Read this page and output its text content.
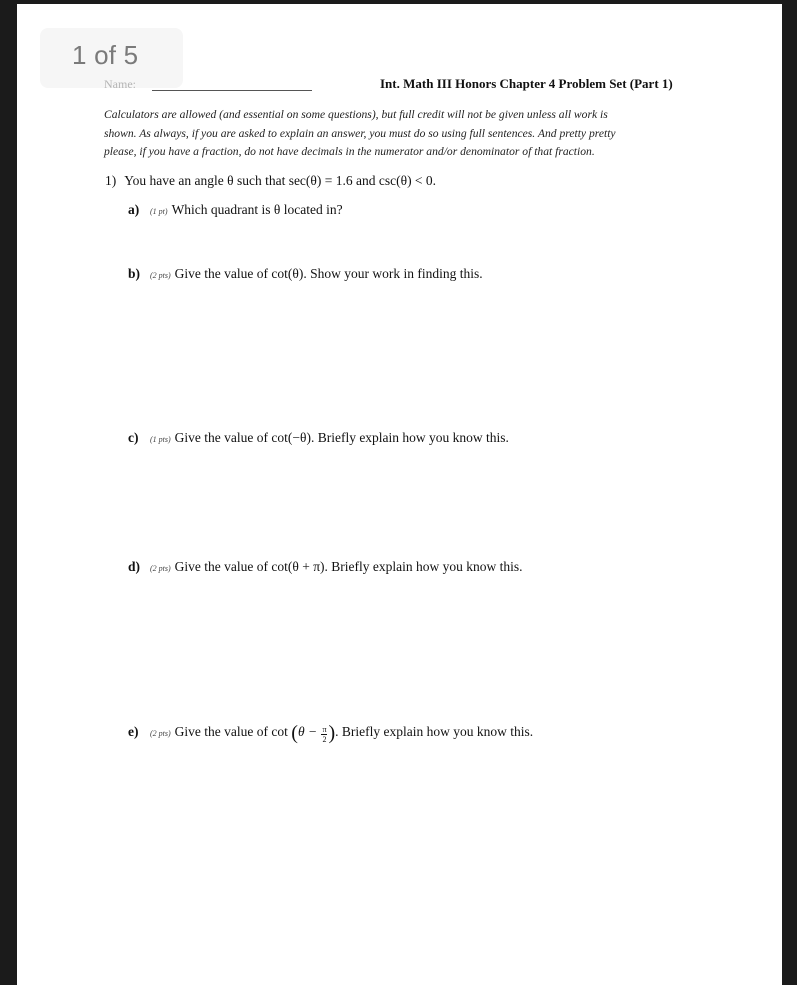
1 of 5
Name:	Int. Math III Honors Chapter 4 Problem Set (Part 1)
Calculators are allowed (and essential on some questions), but full credit will not be given unless all work is
shown. As always, if you are asked to explain an answer, you must do so using full sentences. And pretty pretty
please, if you have a fraction, do not have decimals in the numerator and/or denominator of that fraction.
1) You have an angle θ such that sec(θ) = 1.6 and csc(θ) < 0.
a) (1 pt) Which quadrant is θ located in?
b) (2 pts) Give the value of cot(θ). Show your work in finding this.
c) (1 pts) Give the value of cot(−θ). Briefly explain how you know this.
d) (2 pts) Give the value of cot(θ + π). Briefly explain how you know this.
e) (2 pts) Give the value of $\cot (\theta - \frac{\pi}{2}$ ). Briefly explain how you know this.
